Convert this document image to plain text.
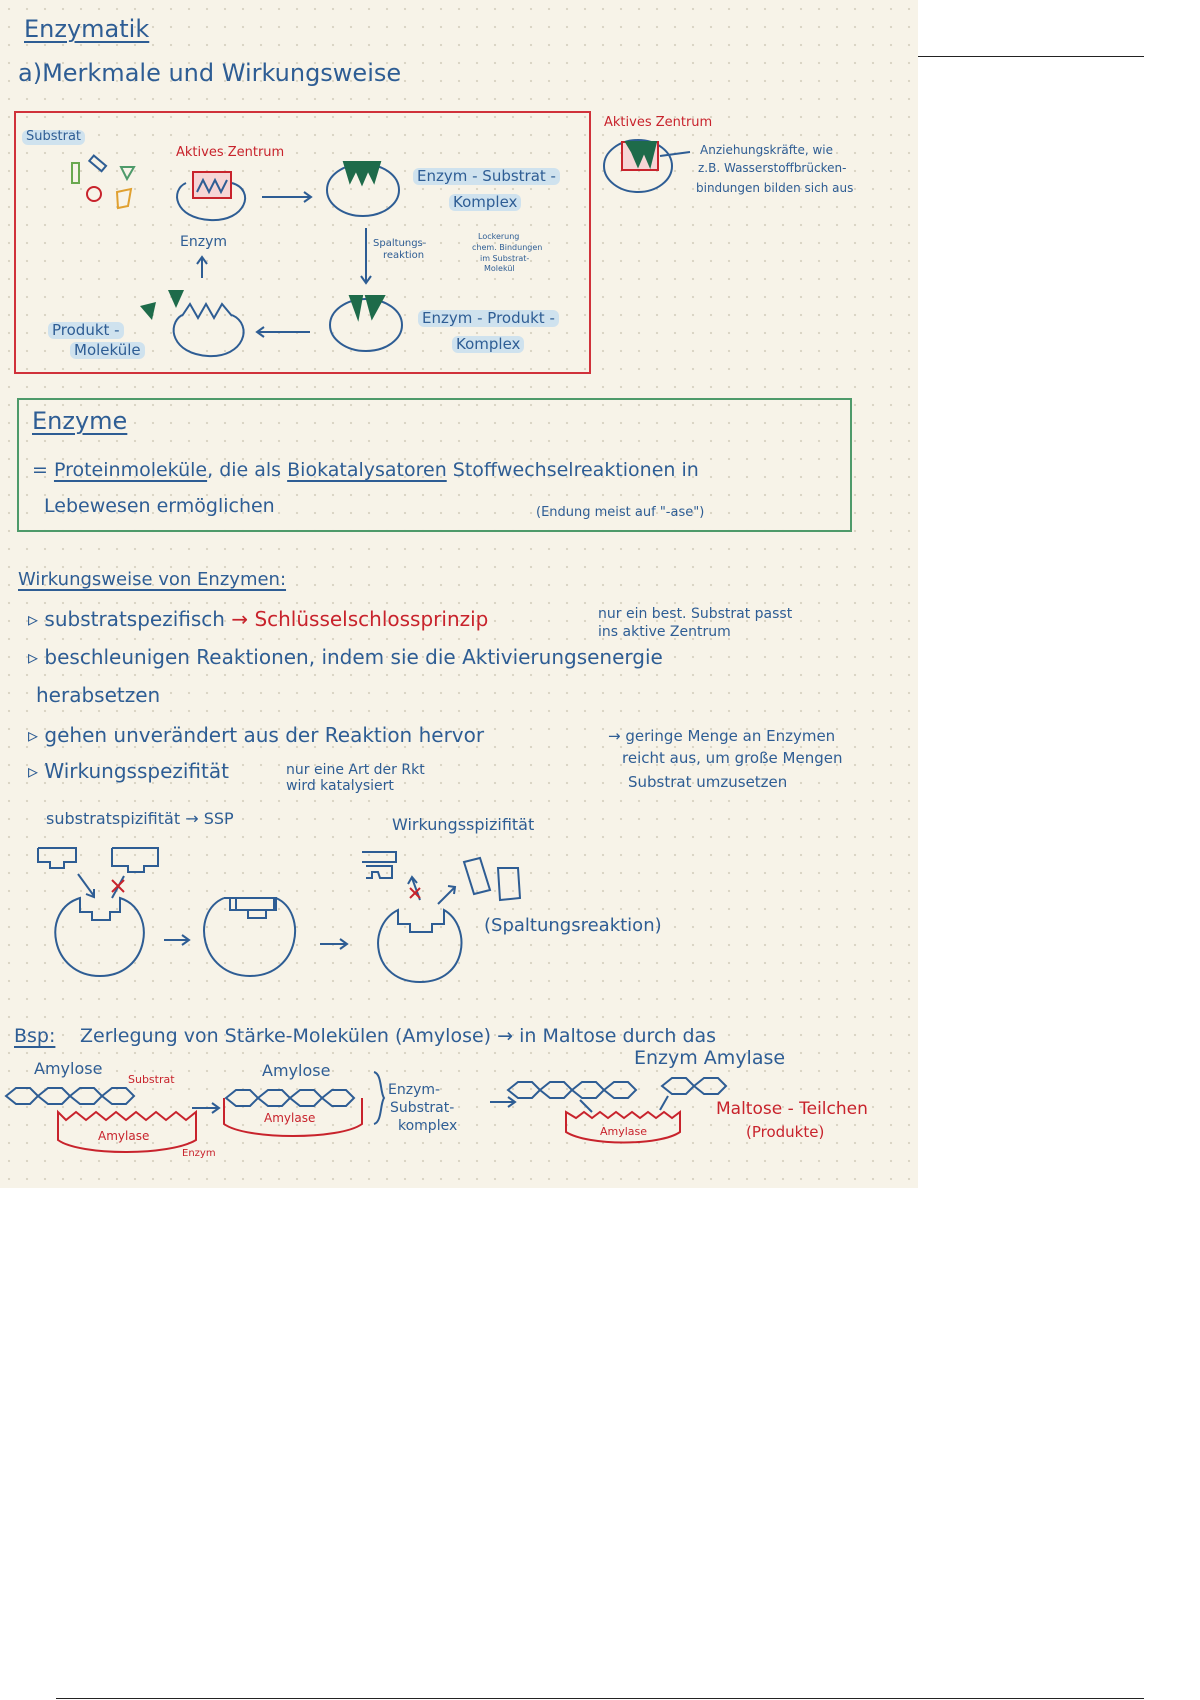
Enzymatik
a)Merkmale und Wirkungsweise
Substrat
Aktives Zentrum
Enzym
Enzym - Substrat -
Komplex
Spaltungs-
reaktion
Lockerung
chem. Bindungen
im Substrat-
Molekül
Enzym - Produkt -
Komplex
Produkt -
Moleküle
Aktives Zentrum
Anziehungskräfte, wie
z.B. Wasserstoffbrücken-
bindungen bilden sich aus
Enzyme
= Proteinmoleküle, die als Biokatalysatoren Stoffwechselreaktionen in
Lebewesen ermöglichen	(Endung meist auf "-ase")
Wirkungsweise von Enzymen:
▹ substratspezifisch → Schlüsselschlossprinzip	nur ein best. Substrat passt
ins aktive Zentrum
▹ beschleunigen Reaktionen, indem sie die Aktivierungsenergie
herabsetzen
▹ gehen unverändert aus der Reaktion hervor	→ geringe Menge an Enzymen
reicht aus, um große Mengen
Substrat umzusetzen
▹ Wirkungsspezifität	nur eine Art der Rkt
wird katalysiert
substratspizifität → SSP	Wirkungsspizifität
(Spaltungsreaktion)
Bsp: Zerlegung von Stärke-Molekülen (Amylose) → in Maltose durch das
Enzym Amylase
Amylose
Substrat
Amylase
Enzym
Amylose
Amylase
Enzym-
Substrat-
komplex	Amylase
Maltose - Teilchen
(Produkte)
